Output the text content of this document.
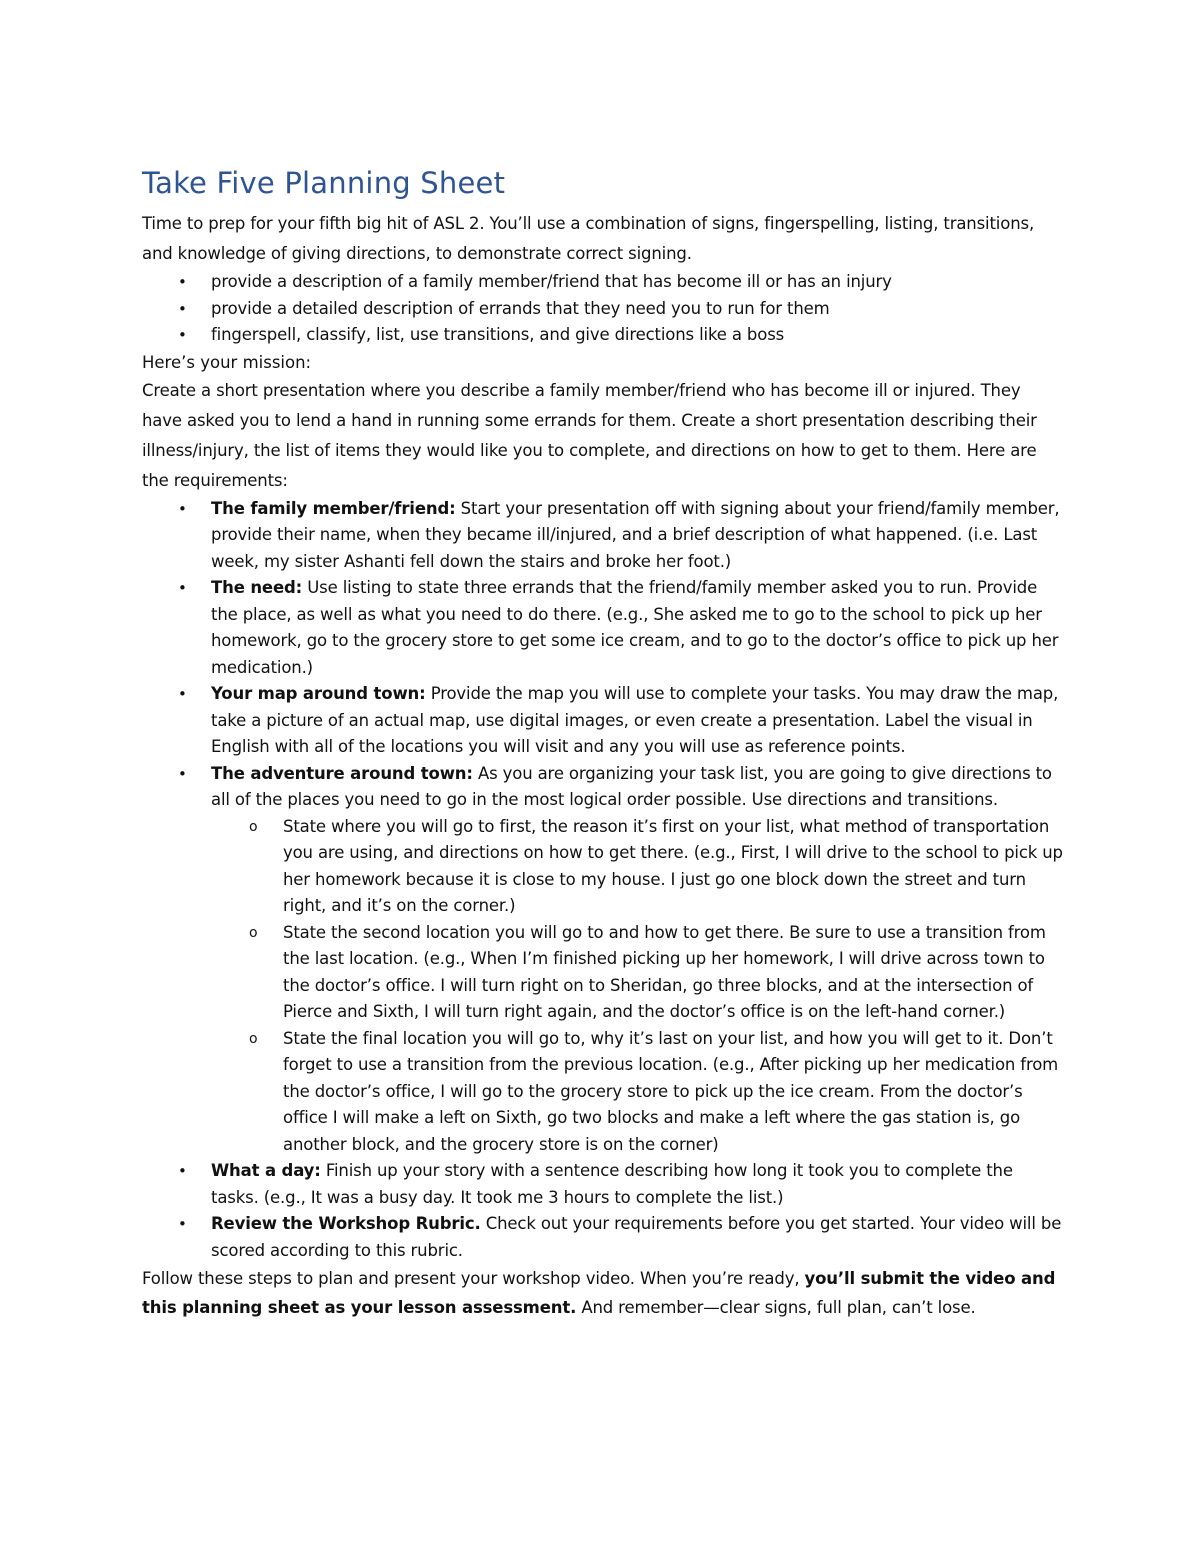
Take Five Planning Sheet

Time to prep for your fifth big hit of ASL 2. You’ll use a combination of signs, fingerspelling, listing, transitions, and knowledge of giving directions, to demonstrate correct signing.

• provide a description of a family member/friend that has become ill or has an injury
• provide a detailed description of errands that they need you to run for them
• fingerspell, classify, list, use transitions, and give directions like a boss

Here’s your mission:

Create a short presentation where you describe a family member/friend who has become ill or injured. They have asked you to lend a hand in running some errands for them. Create a short presentation describing their illness/injury, the list of items they would like you to complete, and directions on how to get to them. Here are the requirements:

• The family member/friend: Start your presentation off with signing about your friend/family member, provide their name, when they became ill/injured, and a brief description of what happened. (i.e. Last week, my sister Ashanti fell down the stairs and broke her foot.)
• The need: Use listing to state three errands that the friend/family member asked you to run. Provide the place, as well as what you need to do there. (e.g., She asked me to go to the school to pick up her homework, go to the grocery store to get some ice cream, and to go to the doctor’s office to pick up her medication.)
• Your map around town: Provide the map you will use to complete your tasks. You may draw the map, take a picture of an actual map, use digital images, or even create a presentation. Label the visual in English with all of the locations you will visit and any you will use as reference points.
• The adventure around town: As you are organizing your task list, you are going to give directions to all of the places you need to go in the most logical order possible. Use directions and transitions.
o State where you will go to first, the reason it’s first on your list, what method of transportation you are using, and directions on how to get there. (e.g., First, I will drive to the school to pick up her homework because it is close to my house. I just go one block down the street and turn right, and it’s on the corner.)
o State the second location you will go to and how to get there. Be sure to use a transition from the last location. (e.g., When I’m finished picking up her homework, I will drive across town to the doctor’s office. I will turn right on to Sheridan, go three blocks, and at the intersection of Pierce and Sixth, I will turn right again, and the doctor’s office is on the left-hand corner.)
o State the final location you will go to, why it’s last on your list, and how you will get to it. Don’t forget to use a transition from the previous location. (e.g., After picking up her medication from the doctor’s office, I will go to the grocery store to pick up the ice cream. From the doctor’s office I will make a left on Sixth, go two blocks and make a left where the gas station is, go another block, and the grocery store is on the corner)
• What a day: Finish up your story with a sentence describing how long it took you to complete the tasks. (e.g., It was a busy day. It took me 3 hours to complete the list.)
• Review the Workshop Rubric. Check out your requirements before you get started. Your video will be scored according to this rubric.

Follow these steps to plan and present your workshop video. When you’re ready, you’ll submit the video and this planning sheet as your lesson assessment. And remember—clear signs, full plan, can’t lose.
